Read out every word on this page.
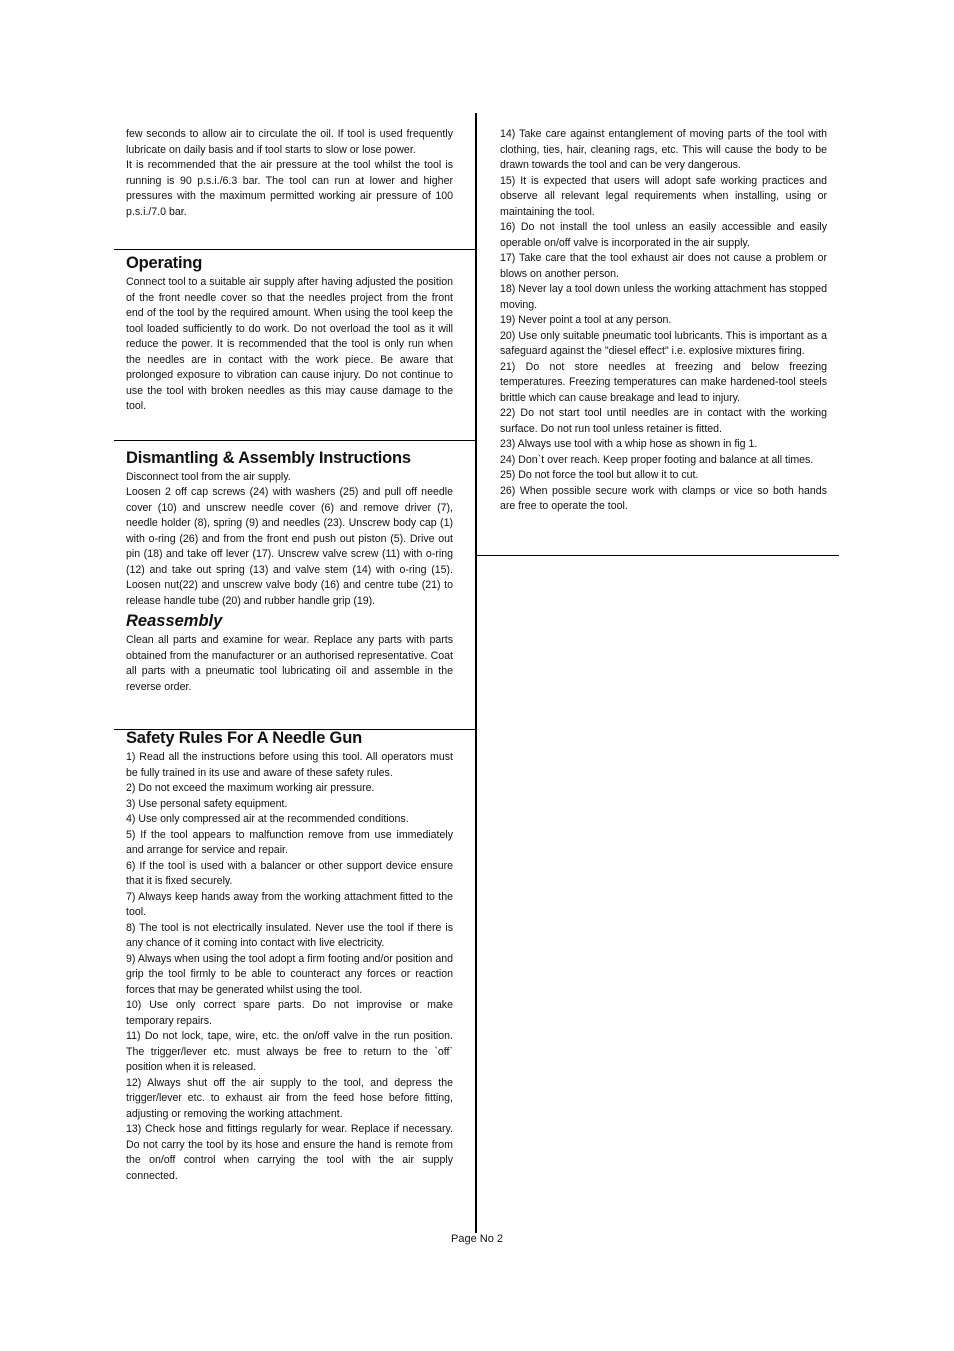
few seconds to allow air to circulate the oil. If tool is used frequently lubricate on daily basis and if tool starts to slow or lose power.

It is recommended that the air pressure at the tool whilst the tool is running is 90 p.s.i./6.3 bar. The tool can run at lower and higher pressures with the maximum permitted working air pressure of 100 p.s.i./7.0 bar.

Operating

Connect tool to a suitable air supply after having adjusted the position of the front needle cover so that the needles project from the front end of the tool by the required amount. When using the tool keep the tool loaded sufficiently to do work. Do not overload the tool as it will reduce the power. It is recommended that the tool is only run when the needles are in contact with the work piece. Be aware that prolonged exposure to vibration can cause injury. Do not continue to use the tool with broken needles as this may cause damage to the tool.

Dismantling & Assembly Instructions

Disconnect tool from the air supply.

Loosen 2 off cap screws (24) with washers (25) and pull off needle cover (10) and unscrew needle cover (6) and remove driver (7), needle holder (8), spring (9) and needles (23). Unscrew body cap (1) with o-ring (26) and from the front end push out piston (5). Drive out pin (18) and take off lever (17). Unscrew valve screw (11) with o-ring (12) and take out spring (13) and valve stem (14) with o-ring (15). Loosen nut(22) and unscrew valve body (16) and centre tube (21) to release handle tube (20) and rubber handle grip (19).

Reassembly

Clean all parts and examine for wear. Replace any parts with parts obtained from the manufacturer or an authorised representative. Coat all parts with a pneumatic tool lubricating oil and assemble in the reverse order.

Safety Rules For A Needle Gun

1) Read all the instructions before using this tool. All operators must be fully trained in its use and aware of these safety rules.

2) Do not exceed the maximum working air pressure.

3) Use personal safety equipment.

4) Use only compressed air at the recommended conditions.

5) If the tool appears to malfunction remove from use immediately and arrange for service and repair.

6) If the tool is used with a balancer or other support device ensure that it is fixed securely.

7) Always keep hands away from the working attachment fitted to the tool.

8) The tool is not electrically insulated. Never use the tool if there is any chance of it coming into contact with live electricity.

9) Always when using the tool adopt a firm footing and/or position and grip the tool firmly to be able to counteract any forces or reaction forces that may be generated whilst using the tool.

10) Use only correct spare parts. Do not improvise or make temporary repairs.

11) Do not lock, tape, wire, etc. the on/off valve in the run position. The trigger/lever etc. must always be free to return to the `off` position when it is released.

12) Always shut off the air supply to the tool, and depress the trigger/lever etc. to exhaust air from the feed hose before fitting, adjusting or removing the working attachment.

13) Check hose and fittings regularly for wear. Replace if necessary. Do not carry the tool by its hose and ensure the hand is remote from the on/off control when carrying the tool with the air supply connected.

14) Take care against entanglement of moving parts of the tool with clothing, ties, hair, cleaning rags, etc. This will cause the body to be drawn towards the tool and can be very dangerous.

15) It is expected that users will adopt safe working practices and observe all relevant legal requirements when installing, using or maintaining the tool.

16) Do not install the tool unless an easily accessible and easily operable on/off valve is incorporated in the air supply.

17) Take care that the tool exhaust air does not cause a problem or blows on another person.

18) Never lay a tool down unless the working attachment has stopped moving.

19) Never point a tool at any person.

20) Use only suitable pneumatic tool lubricants. This is important as a safeguard against the "diesel effect" i.e. explosive mixtures firing.

21) Do not store needles at freezing and below freezing temperatures. Freezing temperatures can make hardened-tool steels brittle which can cause breakage and lead to injury.

22) Do not start tool until needles are in contact with the working surface. Do not run tool unless retainer is fitted.

23) Always use tool with a whip hose as shown in fig 1.

24) Don`t over reach. Keep proper footing and balance at all times.

25) Do not force the tool but allow it to cut.

26) When possible secure work with clamps or vice so both hands are free to operate the tool.

Page No 2
